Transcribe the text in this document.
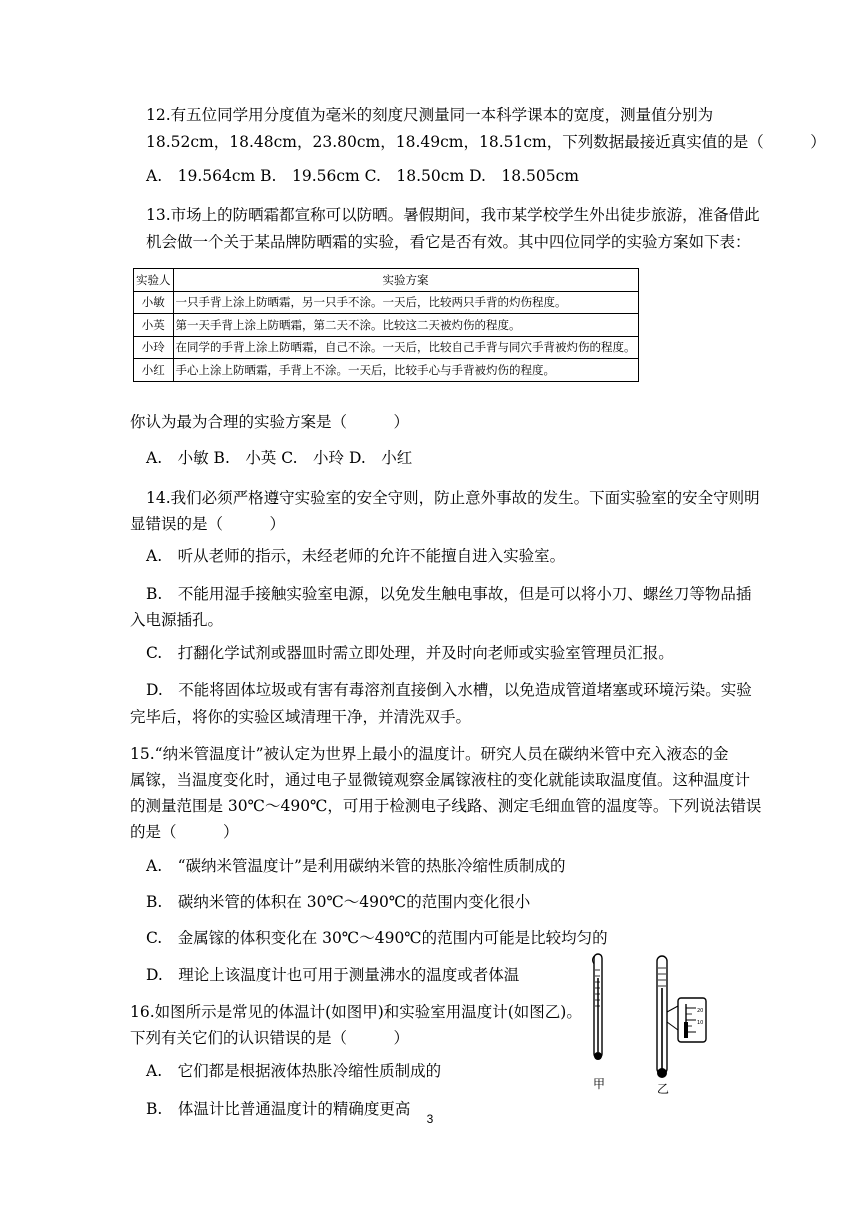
12.有五位同学用分度值为毫米的刻度尺测量同一本科学课本的宽度，测量值分别为
18.52cm，18.48cm，23.80cm，18.49cm，18.51cm，下列数据最接近真实值的是（　　　）
A.　19.564cm B.　19.56cm C.　18.50cm D.　18.505cm
13.市场上的防晒霜都宣称可以防晒。暑假期间，我市某学校学生外出徒步旅游，准备借此
机会做一个关于某品牌防晒霜的实验，看它是否有效。其中四位同学的实验方案如下表：
实验人	实验方案
小敏	一只手背上涂上防晒霜，另一只手不涂。一天后，比较两只手背的灼伤程度。
小英	第一天手背上涂上防晒霜，第二天不涂。比较这二天被灼伤的程度。
小玲	在同学的手背上涂上防晒霜，自己不涂。一天后，比较自己手背与同穴手背被灼伤的程度。
小红	手心上涂上防晒霜，手背上不涂。一天后，比较手心与手背被灼伤的程度。
你认为最为合理的实验方案是（　　　）
A.　小敏 B.　小英 C.　小玲 D.　小红
14.我们必须严格遵守实验室的安全守则，防止意外事故的发生。下面实验室的安全守则明
显错误的是（　　　）
A.　听从老师的指示，未经老师的允许不能擅自进入实验室。
B.　不能用湿手接触实验室电源，以免发生触电事故，但是可以将小刀、螺丝刀等物品插
入电源插孔。
C.　打翻化学试剂或器皿时需立即处理，并及时向老师或实验室管理员汇报。
D.　不能将固体垃圾或有害有毒溶剂直接倒入水槽，以免造成管道堵塞或环境污染。实验
完毕后，将你的实验区域清理干净，并清洗双手。
15.“纳米管温度计”被认定为世界上最小的温度计。研究人员在碳纳米管中充入液态的金
属镓，当温度变化时，通过电子显微镜观察金属镓液柱的变化就能读取温度值。这种温度计
的测量范围是 30℃～490℃，可用于检测电子线路、测定毛细血管的温度等。下列说法错误
的是（　　　）
A.　“碳纳米管温度计”是利用碳纳米管的热胀冷缩性质制成的
B.　碳纳米管的体积在 30℃～490℃的范围内变化很小
C.　金属镓的体积变化在 30℃～490℃的范围内可能是比较均匀的
D.　理论上该温度计也可用于测量沸水的温度或者体温
16.如图所示是常见的体温计(如图甲)和实验室用温度计(如图乙)。
下列有关它们的认识错误的是（　　　）
A.　它们都是根据液体热胀冷缩性质制成的
B.　体温计比普通温度计的精确度更高
20
10
甲	乙
3
